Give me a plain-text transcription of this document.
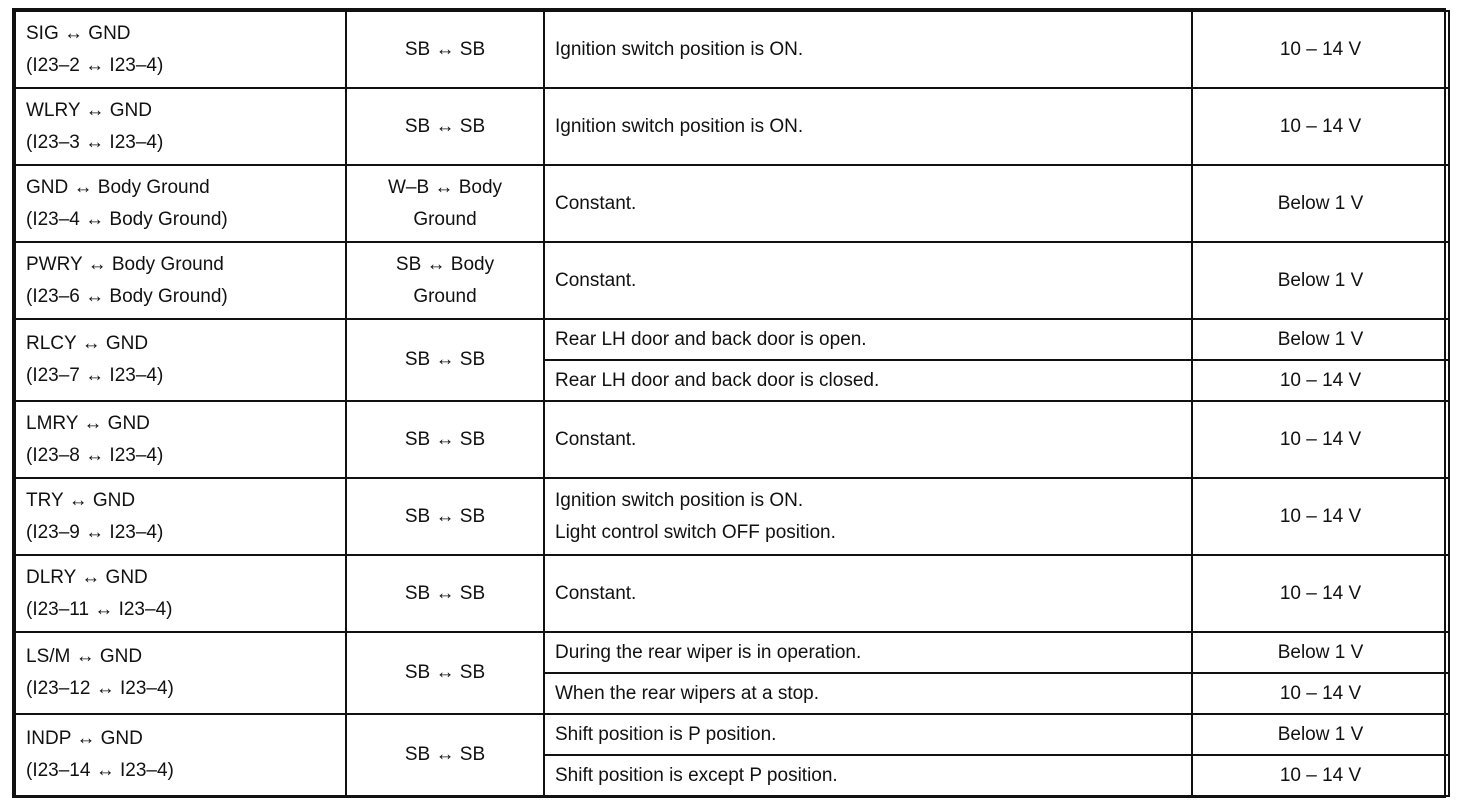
SIG ↔ GND
(I23–2 ↔ I23–4)	SB ↔ SB	Ignition switch position is ON.	10 – 14 V

WLRY ↔ GND
(I23–3 ↔ I23–4)	SB ↔ SB	Ignition switch position is ON.	10 – 14 V

GND ↔ Body Ground
(I23–4 ↔ Body Ground)	W–B ↔ Body
Ground	Constant.	Below 1 V

PWRY ↔ Body Ground
(I23–6 ↔ Body Ground)	SB ↔ Body
Ground	Constant.	Below 1 V

RLCY ↔ GND
(I23–7 ↔ I23–4)	SB ↔ SB	Rear LH door and back door is open.	Below 1 V

		Rear LH door and back door is closed.	10 – 14 V

LMRY ↔ GND
(I23–8 ↔ I23–4)	SB ↔ SB	Constant.	10 – 14 V

TRY ↔ GND
(I23–9 ↔ I23–4)	SB ↔ SB	Ignition switch position is ON.
Light control switch OFF position.	10 – 14 V

DLRY ↔ GND
(I23–11 ↔ I23–4)	SB ↔ SB	Constant.	10 – 14 V

LS/M ↔ GND
(I23–12 ↔ I23–4)	SB ↔ SB	During the rear wiper is in operation.	Below 1 V

		When the rear wipers at a stop.	10 – 14 V

INDP ↔ GND
(I23–14 ↔ I23–4)	SB ↔ SB	Shift position is P position.	Below 1 V

		Shift position is except P position.	10 – 14 V
